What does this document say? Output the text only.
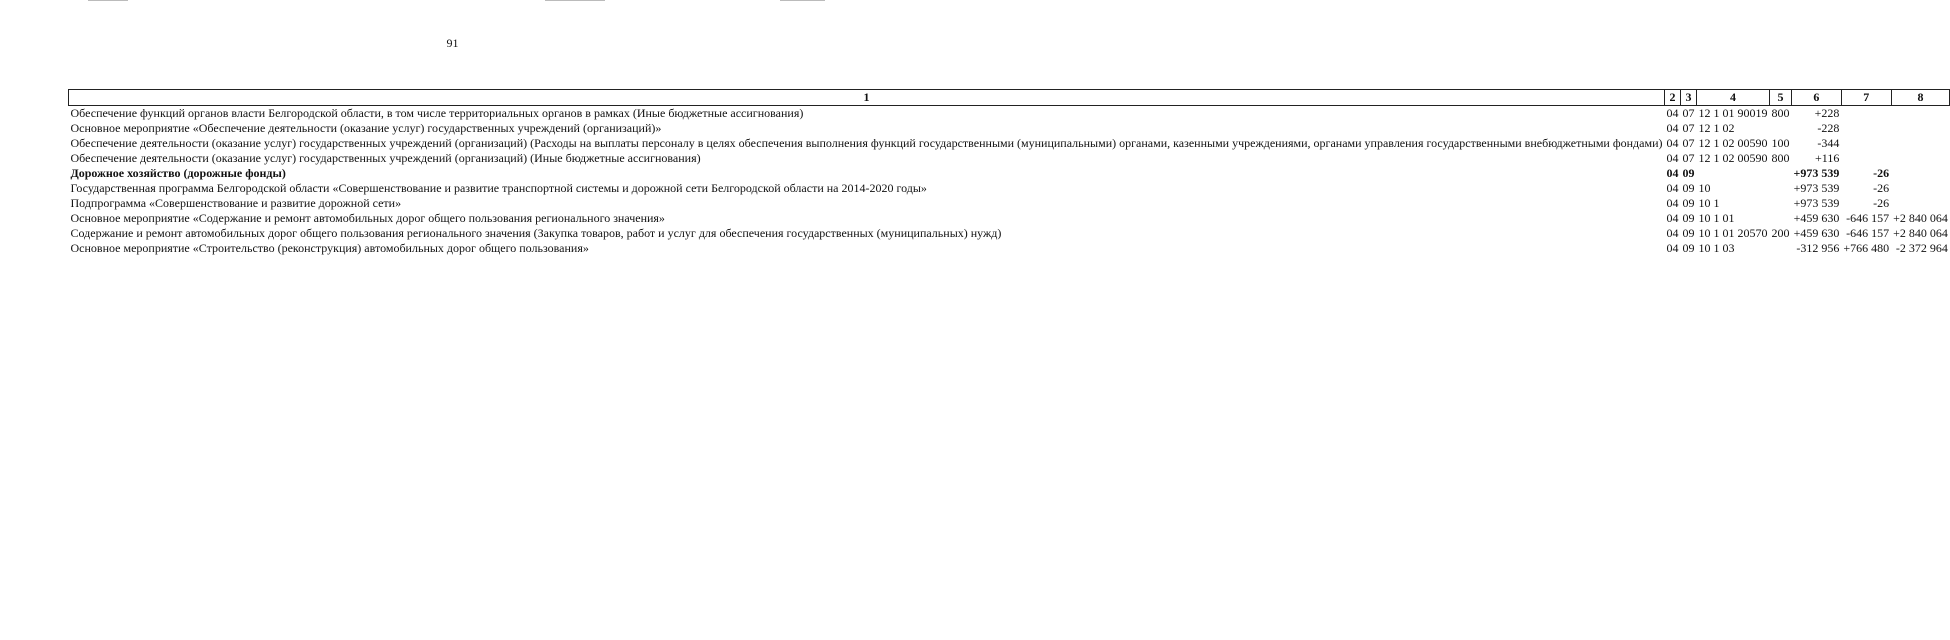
91
1	2	3	4	5	6	7	8
Обеспечение функций органов власти Белгородской области, в том числе территориальных органов в рамках (Иные бюджетные ассигнования)	04	07	12 1 01 90019	800	+228		
Основное мероприятие «Обеспечение деятельности (оказание услуг) государственных учреждений (организаций)»	04	07	12 1 02		-228		
Обеспечение деятельности (оказание услуг) государственных учреждений (организаций) (Расходы на выплаты персоналу в целях обеспечения выполнения функций государственными (муниципальными) органами, казенными учреждениями, органами управления государственными внебюджетными фондами)	04	07	12 1 02 00590	100	-344		
Обеспечение деятельности (оказание услуг) государственных учреждений (организаций) (Иные бюджетные ассигнования)	04	07	12 1 02 00590	800	+116		
Дорожное хозяйство (дорожные фонды)	04	09			+973 539	-26	
Государственная программа Белгородской области «Совершенствование и развитие транспортной системы и дорожной сети Белгородской области на 2014-2020 годы»	04	09	10		+973 539	-26	
Подпрограмма «Совершенствование и развитие дорожной сети»	04	09	10 1		+973 539	-26	
Основное мероприятие «Содержание и ремонт автомобильных дорог общего пользования регионального значения»	04	09	10 1 01		+459 630	-646 157	+2 840 064
Содержание и ремонт автомобильных дорог общего пользования регионального значения (Закупка товаров, работ и услуг для обеспечения государственных (муниципальных) нужд)	04	09	10 1 01 20570	200	+459 630	-646 157	+2 840 064
Основное мероприятие «Строительство (реконструкция) автомобильных дорог общего пользования»	04	09	10 1 03		-312 956	+766 480	-2 372 964
